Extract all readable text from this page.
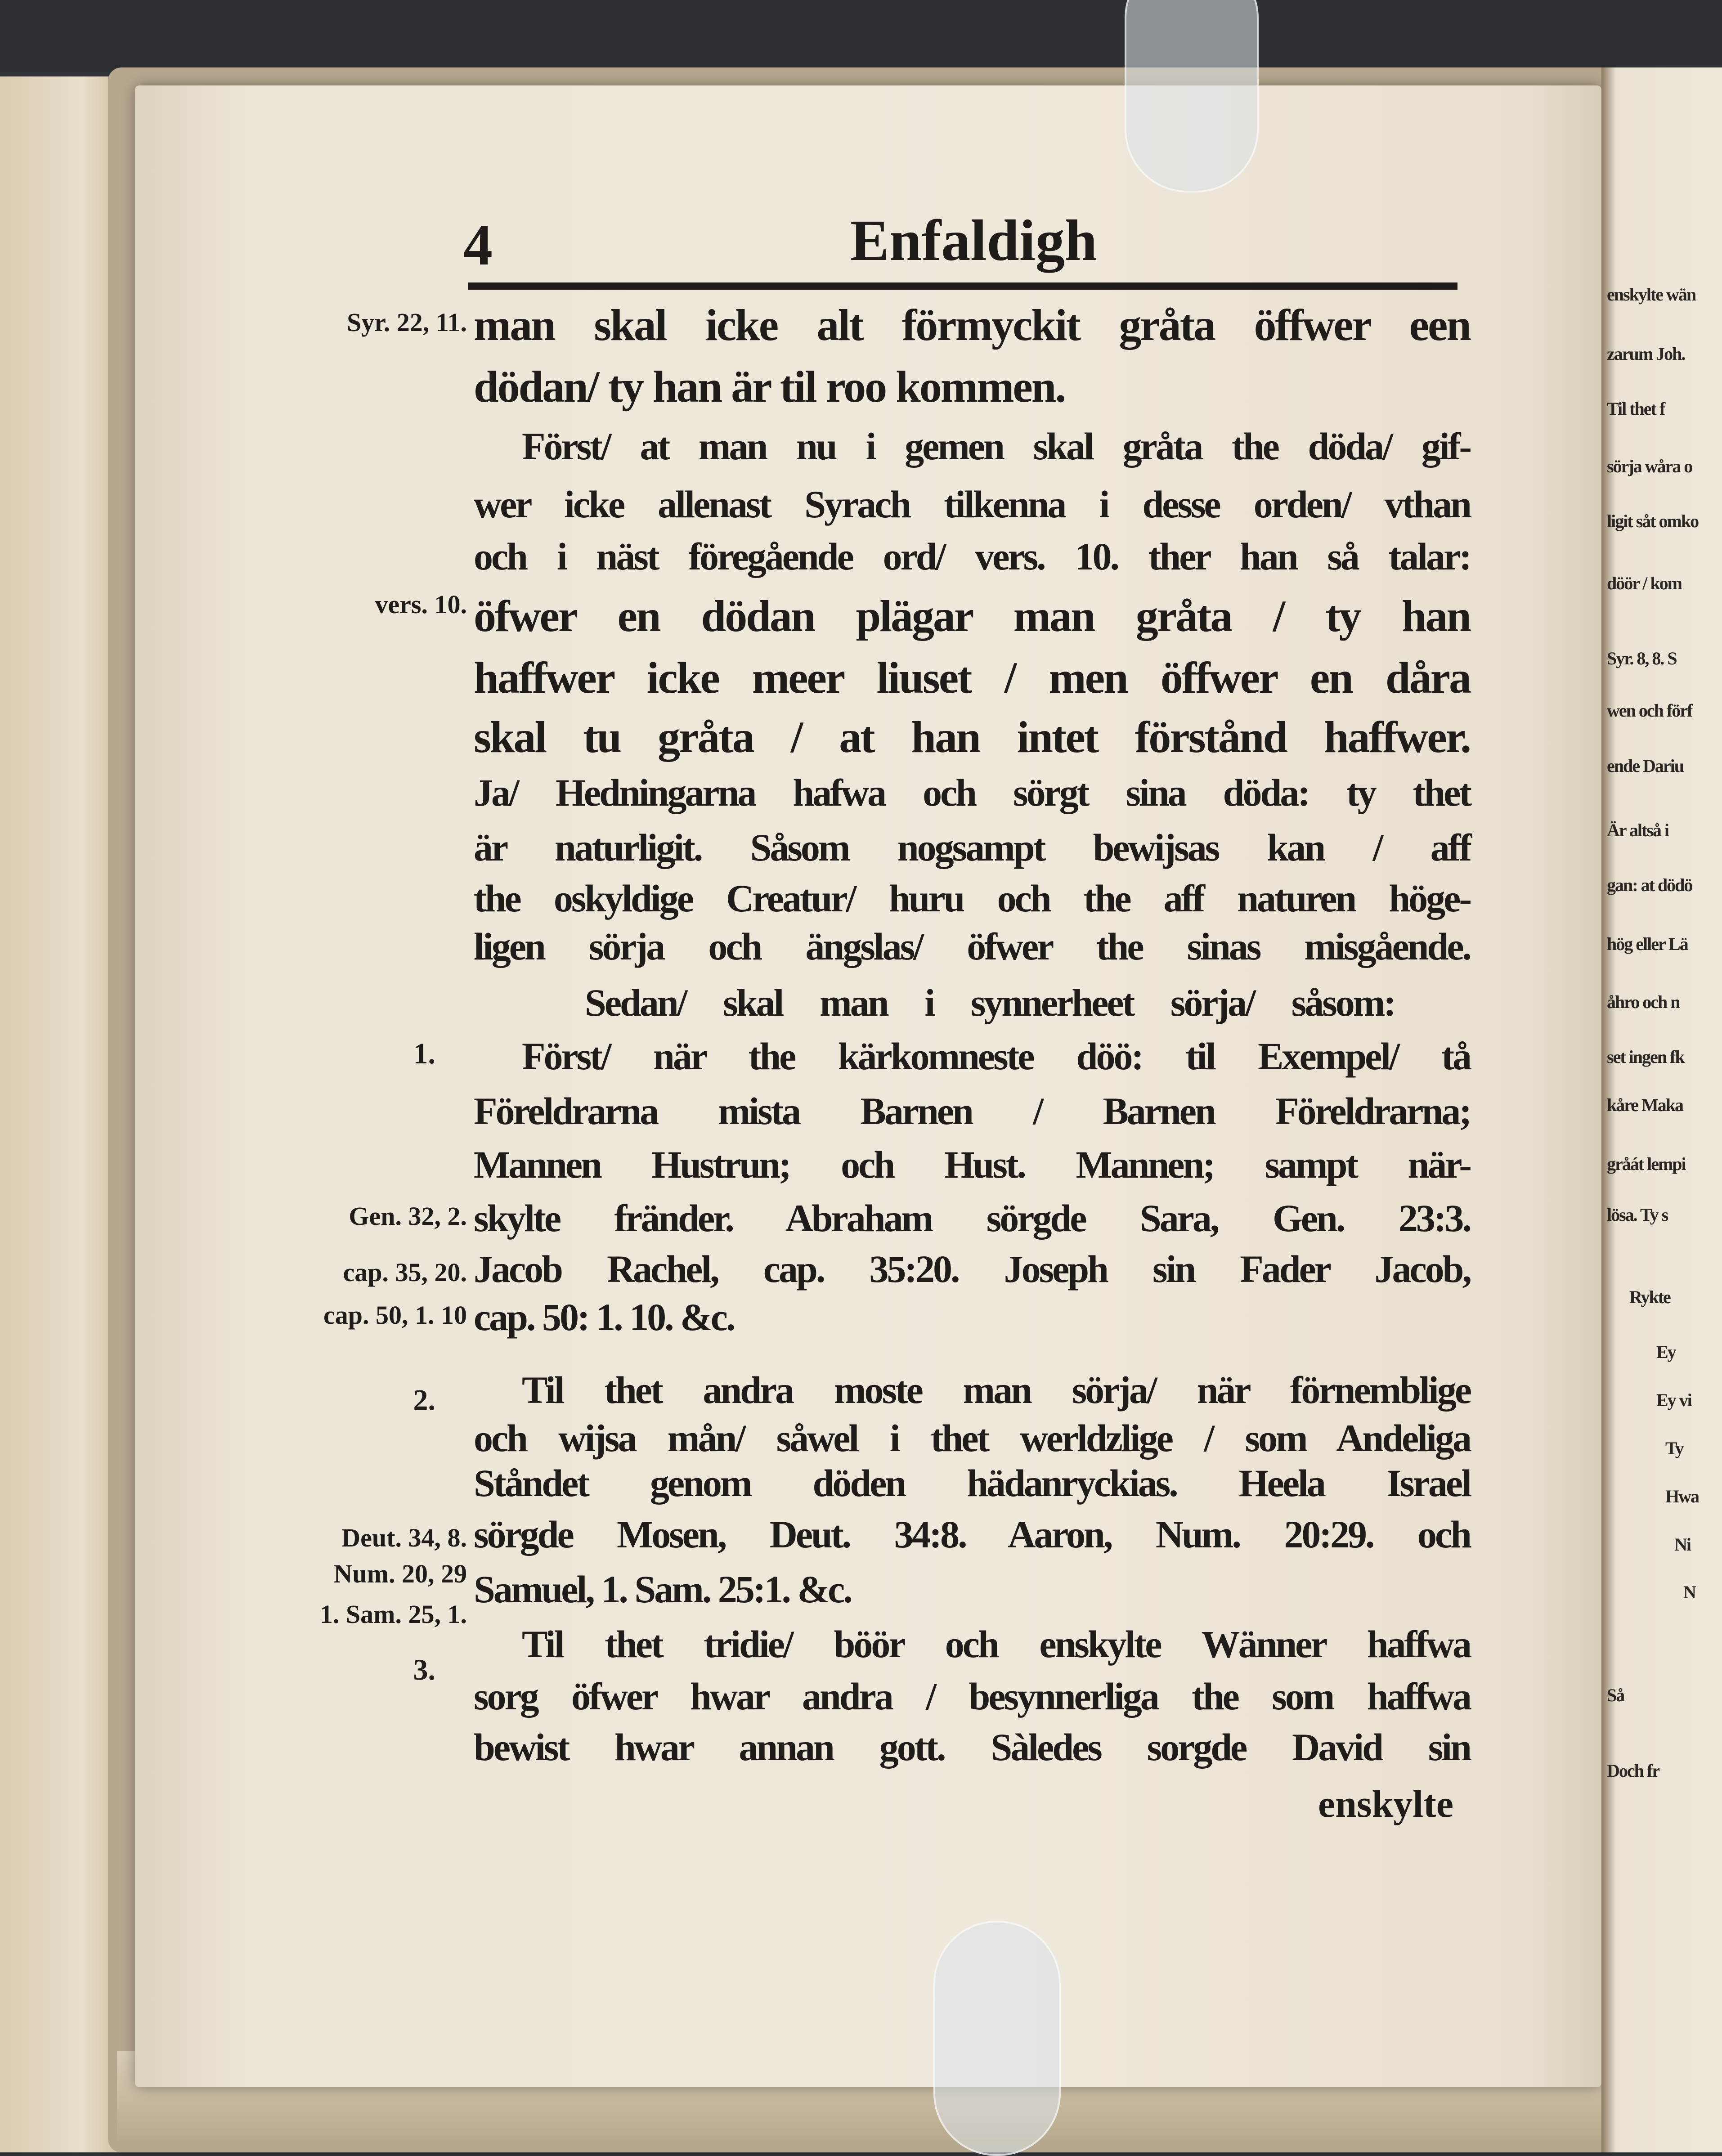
4	Enfaldigh
Syr. 22, 11.
vers. 10.
1.
Gen. 32, 2.
cap. 35, 20.
cap. 50, 1. 10
2.
Deut. 34, 8.
Num. 20, 29
1. Sam. 25, 1.
3.
man skal icke alt förmyckit gråta öffwer een
dödan/ ty han är til roo kommen.
Först/ at man nu i gemen skal gråta the döda/ gif-
wer icke allenast Syrach tilkenna i desse orden/ vthan
och i näst föregående ord/ vers. 10. ther han så talar:
öfwer en dödan plägar man gråta / ty han
haffwer icke meer liuset / men öffwer en dåra
skal tu gråta / at han intet förstånd haffwer.
Ja/ Hedningarna hafwa och sörgt sina döda: ty thet
är naturligit. Såsom nogsampt bewijsas kan / aff
the oskyldige Creatur/ huru och the aff naturen höge-
ligen sörja och ängslas/ öfwer the sinas misgående.
Sedan/ skal man i synnerheet sörja/ såsom:
Först/ när the kärkomneste döö: til Exempel/ tå
Föreldrarna mista Barnen / Barnen Föreldrarna;
Mannen Hustrun; och Hust. Mannen; sampt när-
skylte fränder. Abraham sörgde Sara, Gen. 23:3.
Jacob Rachel, cap. 35:20. Joseph sin Fader Jacob,
cap. 50: 1. 10. &c.
Til thet andra moste man sörja/ när förnemblige
och wijsa mån/ såwel i thet werldzlige / som Andeliga
Ståndet genom döden hädanryckias. Heela Israel
sörgde Mosen, Deut. 34:8. Aaron, Num. 20:29. och
Samuel, 1. Sam. 25:1. &c.
Til thet tridie/ böör och enskylte Wänner haffwa
sorg öfwer hwar andra / besynnerliga the som haffwa
bewist hwar annan gott. Sàledes sorgde David sin
enskylte
enskylte wän
zarum Joh.
Til thet f
sörja wåra o
ligit såt omko
döör / kom
Syr. 8, 8. S
wen och förf
ende Dariu
Är altså i
gan: at dödö
hög eller Lä
åhro och n
set ingen fk
kåre Maka
gråát lempi
lösa. Ty s
Rykte
Ey
Ey vi
Ty
Hwa
Ni
N
Så
Doch fr
